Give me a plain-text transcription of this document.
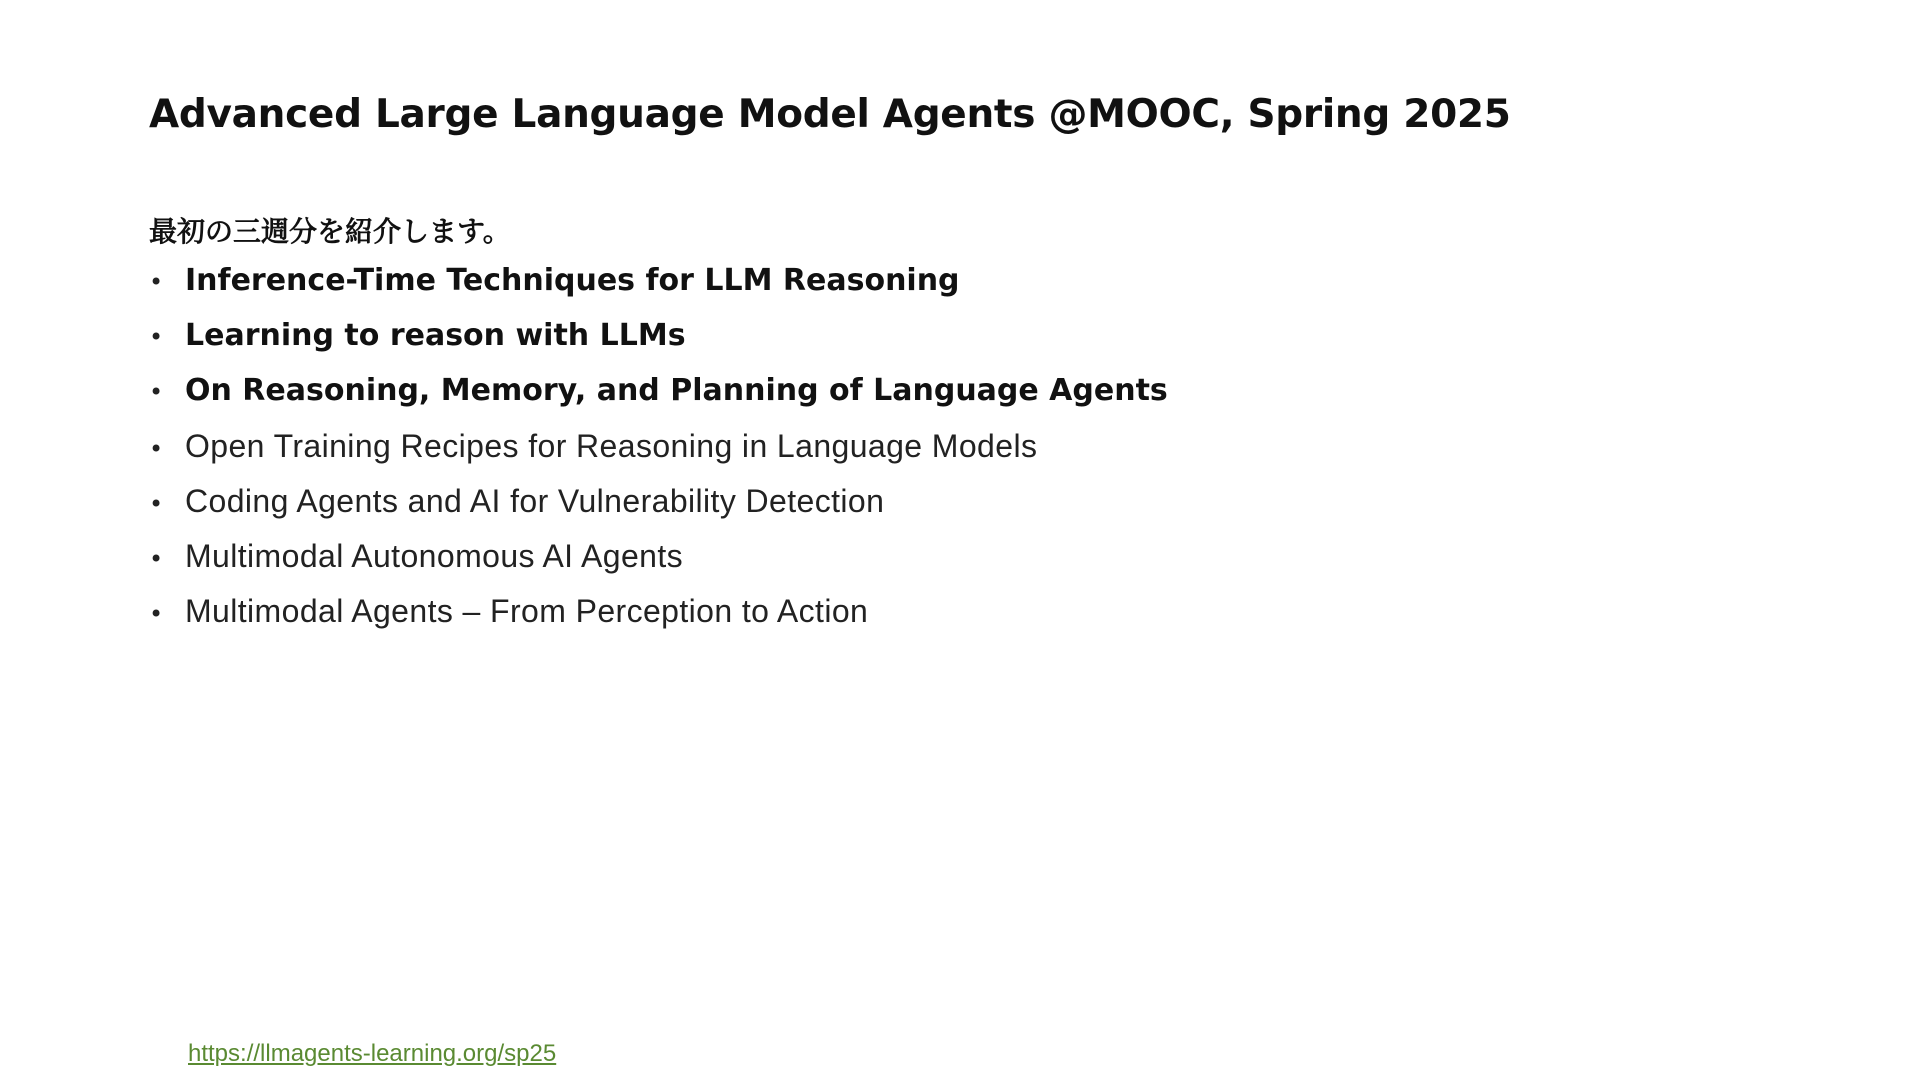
Advanced Large Language Model Agents @MOOC, Spring 2025

最初の三週分を紹介します。

• Inference-Time Techniques for LLM Reasoning
• Learning to reason with LLMs
• On Reasoning, Memory, and Planning of Language Agents
• Open Training Recipes for Reasoning in Language Models
• Coding Agents and AI for Vulnerability Detection
• Multimodal Autonomous AI Agents
• Multimodal Agents – From Perception to Action
https://llmagents-learning.org/sp25
